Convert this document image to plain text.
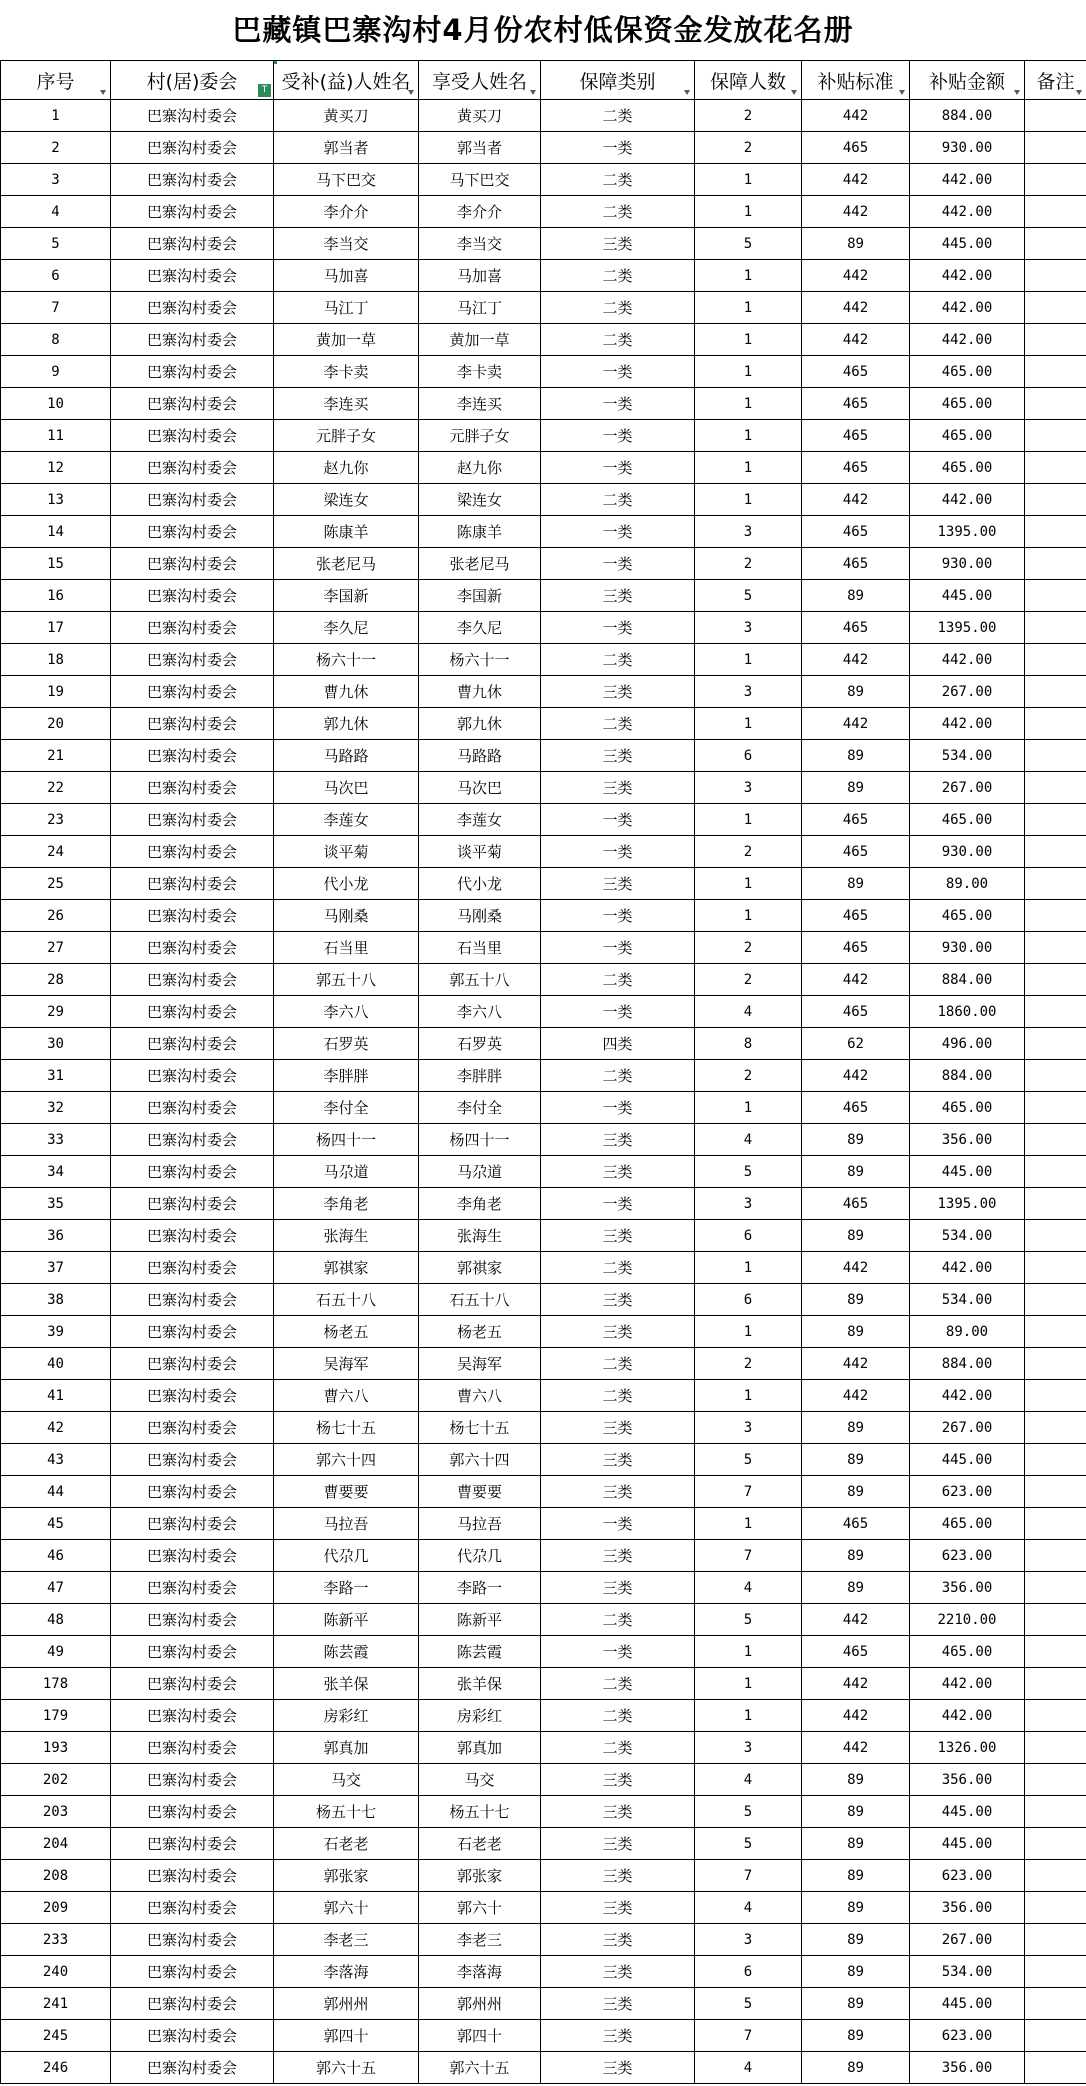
巴藏镇巴寨沟村4月份农村低保资金发放花名册
序号	村(居)委会 T	受补(益)人姓名	享受人姓名	保障类别	保障人数	补贴标准	补贴金额	备注

1	巴寨沟村委会	黄买刀	黄买刀	二类	2	442	884.00	
2	巴寨沟村委会	郭当者	郭当者	一类	2	465	930.00	
3	巴寨沟村委会	马下巴交	马下巴交	二类	1	442	442.00	
4	巴寨沟村委会	李介介	李介介	二类	1	442	442.00	
5	巴寨沟村委会	李当交	李当交	三类	5	89	445.00	
6	巴寨沟村委会	马加喜	马加喜	二类	1	442	442.00	
7	巴寨沟村委会	马江丁	马江丁	二类	1	442	442.00	
8	巴寨沟村委会	黄加一草	黄加一草	二类	1	442	442.00	
9	巴寨沟村委会	李卡卖	李卡卖	一类	1	465	465.00	
10	巴寨沟村委会	李连买	李连买	一类	1	465	465.00	
11	巴寨沟村委会	元胖子女	元胖子女	一类	1	465	465.00	
12	巴寨沟村委会	赵九你	赵九你	一类	1	465	465.00	
13	巴寨沟村委会	梁连女	梁连女	二类	1	442	442.00	
14	巴寨沟村委会	陈康羊	陈康羊	一类	3	465	1395.00	
15	巴寨沟村委会	张老尼马	张老尼马	一类	2	465	930.00	
16	巴寨沟村委会	李国新	李国新	三类	5	89	445.00	
17	巴寨沟村委会	李久尼	李久尼	一类	3	465	1395.00	
18	巴寨沟村委会	杨六十一	杨六十一	二类	1	442	442.00	
19	巴寨沟村委会	曹九休	曹九休	三类	3	89	267.00	
20	巴寨沟村委会	郭九休	郭九休	二类	1	442	442.00	
21	巴寨沟村委会	马路路	马路路	三类	6	89	534.00	
22	巴寨沟村委会	马次巴	马次巴	三类	3	89	267.00	
23	巴寨沟村委会	李莲女	李莲女	一类	1	465	465.00	
24	巴寨沟村委会	谈平菊	谈平菊	一类	2	465	930.00	
25	巴寨沟村委会	代小龙	代小龙	三类	1	89	89.00	
26	巴寨沟村委会	马刚桑	马刚桑	一类	1	465	465.00	
27	巴寨沟村委会	石当里	石当里	一类	2	465	930.00	
28	巴寨沟村委会	郭五十八	郭五十八	二类	2	442	884.00	
29	巴寨沟村委会	李六八	李六八	一类	4	465	1860.00	
30	巴寨沟村委会	石罗英	石罗英	四类	8	62	496.00	
31	巴寨沟村委会	李胖胖	李胖胖	二类	2	442	884.00	
32	巴寨沟村委会	李付全	李付全	一类	1	465	465.00	
33	巴寨沟村委会	杨四十一	杨四十一	三类	4	89	356.00	
34	巴寨沟村委会	马尕道	马尕道	三类	5	89	445.00	
35	巴寨沟村委会	李角老	李角老	一类	3	465	1395.00	
36	巴寨沟村委会	张海生	张海生	三类	6	89	534.00	
37	巴寨沟村委会	郭祺家	郭祺家	二类	1	442	442.00	
38	巴寨沟村委会	石五十八	石五十八	三类	6	89	534.00	
39	巴寨沟村委会	杨老五	杨老五	三类	1	89	89.00	
40	巴寨沟村委会	吴海军	吴海军	二类	2	442	884.00	
41	巴寨沟村委会	曹六八	曹六八	二类	1	442	442.00	
42	巴寨沟村委会	杨七十五	杨七十五	三类	3	89	267.00	
43	巴寨沟村委会	郭六十四	郭六十四	三类	5	89	445.00	
44	巴寨沟村委会	曹要要	曹要要	三类	7	89	623.00	
45	巴寨沟村委会	马拉吾	马拉吾	一类	1	465	465.00	
46	巴寨沟村委会	代尕几	代尕几	三类	7	89	623.00	
47	巴寨沟村委会	李路一	李路一	三类	4	89	356.00	
48	巴寨沟村委会	陈新平	陈新平	二类	5	442	2210.00	
49	巴寨沟村委会	陈芸霞	陈芸霞	一类	1	465	465.00	
178	巴寨沟村委会	张羊保	张羊保	二类	1	442	442.00	
179	巴寨沟村委会	房彩红	房彩红	二类	1	442	442.00	
193	巴寨沟村委会	郭真加	郭真加	二类	3	442	1326.00	
202	巴寨沟村委会	马交	马交	三类	4	89	356.00	
203	巴寨沟村委会	杨五十七	杨五十七	三类	5	89	445.00	
204	巴寨沟村委会	石老老	石老老	三类	5	89	445.00	
208	巴寨沟村委会	郭张家	郭张家	三类	7	89	623.00	
209	巴寨沟村委会	郭六十	郭六十	三类	4	89	356.00	
233	巴寨沟村委会	李老三	李老三	三类	3	89	267.00	
240	巴寨沟村委会	李落海	李落海	三类	6	89	534.00	
241	巴寨沟村委会	郭州州	郭州州	三类	5	89	445.00	
245	巴寨沟村委会	郭四十	郭四十	三类	7	89	623.00	
246	巴寨沟村委会	郭六十五	郭六十五	三类	4	89	356.00	
